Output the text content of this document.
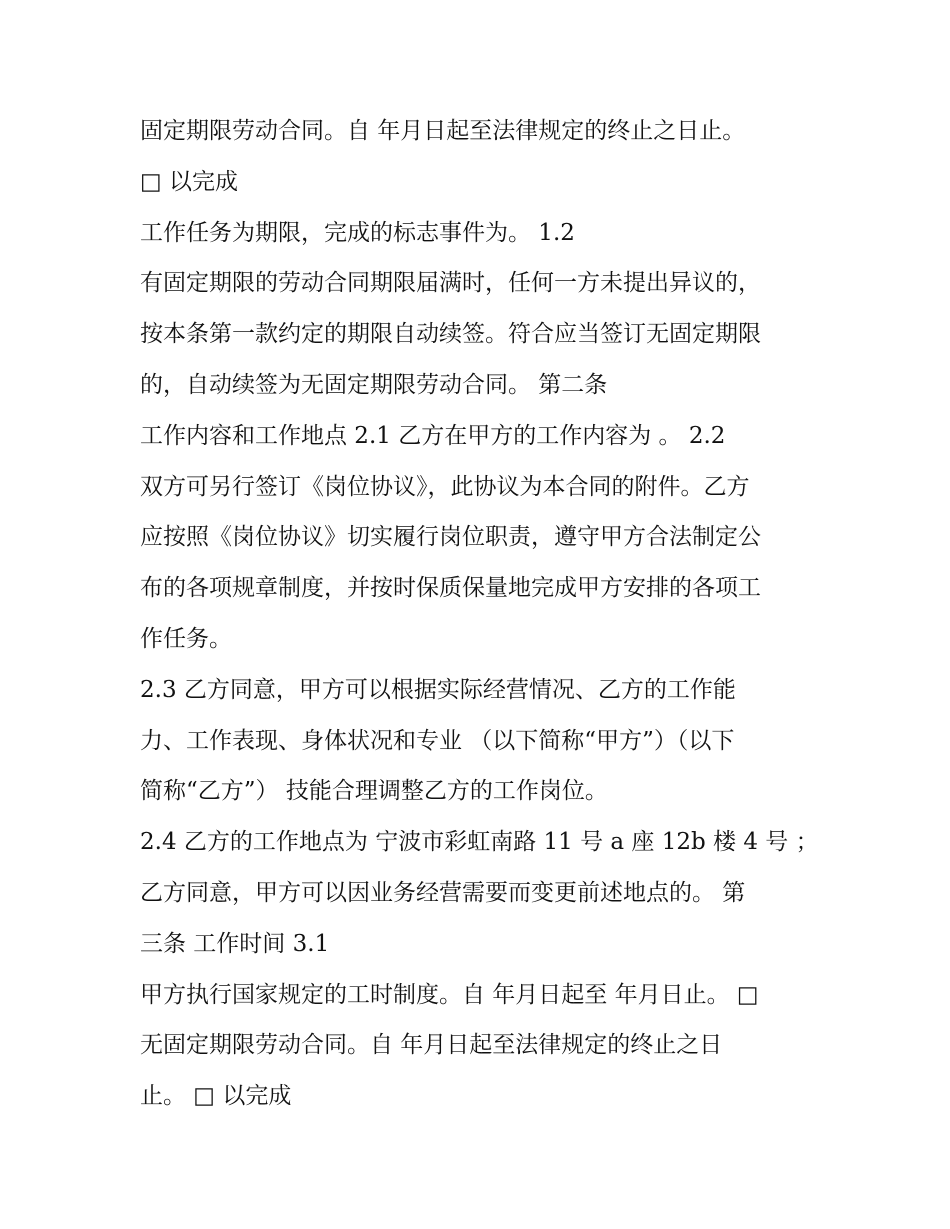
固定期限劳动合同。自 年月日起至法律规定的终止之日止。
□ 以完成
工作任务为期限，完成的标志事件为。 1.2
有固定期限的劳动合同期限届满时，任何一方未提出异议的，
按本条第一款约定的期限自动续签。符合应当签订无固定期限
的，自动续签为无固定期限劳动合同。 第二条
工作内容和工作地点 2.1 乙方在甲方的工作内容为 。 2.2
双方可另行签订《岗位协议》，此协议为本合同的附件。乙方
应按照《岗位协议》切实履行岗位职责，遵守甲方合法制定公
布的各项规章制度，并按时保质保量地完成甲方安排的各项工
作任务。
2.3 乙方同意，甲方可以根据实际经营情况、乙方的工作能
力、工作表现、身体状况和专业 （以下简称“甲方”）（以下
简称“乙方”） 技能合理调整乙方的工作岗位。
2.4 乙方的工作地点为 宁波市彩虹南路 11 号 a 座 12b 楼 4 号 ；
乙方同意，甲方可以因业务经营需要而变更前述地点的。 第
三条 工作时间 3.1
甲方执行国家规定的工时制度。自 年月日起至 年月日止。 □
无固定期限劳动合同。自 年月日起至法律规定的终止之日
止。 □ 以完成
